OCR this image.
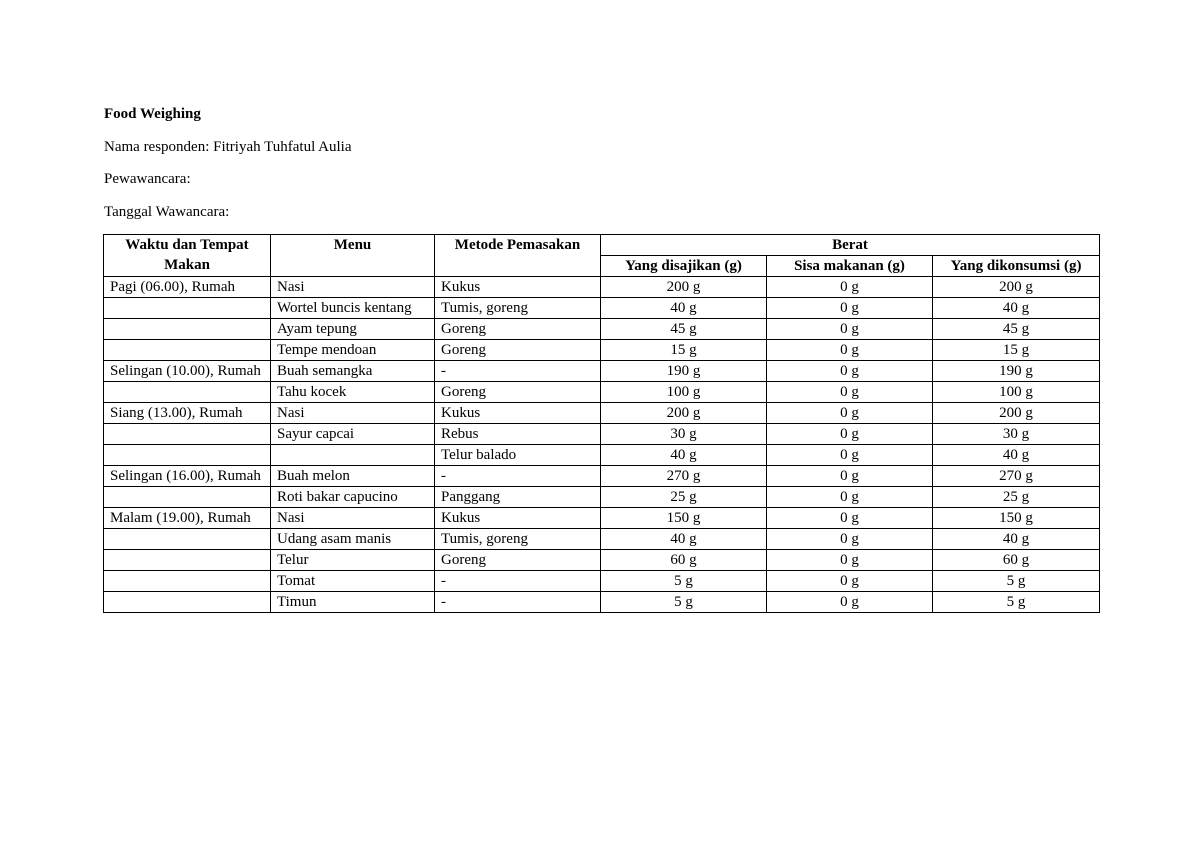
Food Weighing

Nama responden: Fitriyah Tuhfatul Aulia

Pewawancara:

Tanggal Wawancara:

Waktu dan Tempat Makan	Menu	Metode Pemasakan	Berat		
			Yang disajikan (g)	Sisa makanan (g)	Yang dikonsumsi (g)
Pagi (06.00), Rumah	Nasi	Kukus	200 g	0 g	200 g
	Wortel buncis kentang	Tumis, goreng	40 g	0 g	40 g
	Ayam tepung	Goreng	45 g	0 g	45 g
	Tempe mendoan	Goreng	15 g	0 g	15 g
Selingan (10.00), Rumah	Buah semangka	-	190 g	0 g	190 g
	Tahu kocek	Goreng	100 g	0 g	100 g
Siang (13.00), Rumah	Nasi	Kukus	200 g	0 g	200 g
	Sayur capcai	Rebus	30 g	0 g	30 g
		Telur balado	40 g	0 g	40 g
Selingan (16.00), Rumah	Buah melon	-	270 g	0 g	270 g
	Roti bakar capucino	Panggang	25 g	0 g	25 g
Malam (19.00), Rumah	Nasi	Kukus	150 g	0 g	150 g
	Udang asam manis	Tumis, goreng	40 g	0 g	40 g
	Telur	Goreng	60 g	0 g	60 g
	Tomat	-	5 g	0 g	5 g
	Timun	-	5 g	0 g	5 g
